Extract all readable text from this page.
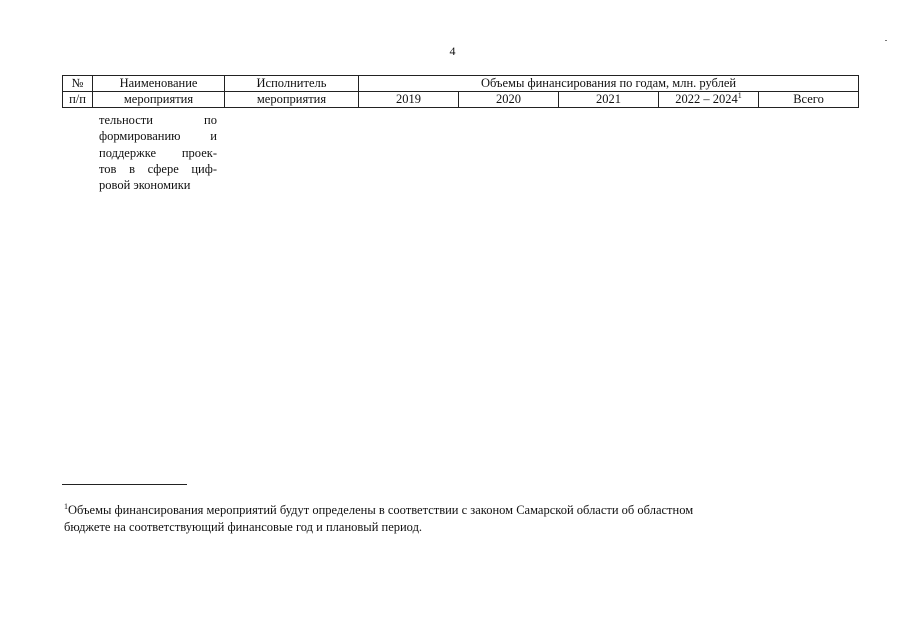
4
№	Наименование	Исполнитель	Объемы финансирования по годам, млн. рублей				
п/п	мероприятия	мероприятия	2019	2020	2021	2022 – 2024$^1$	Всего
тельности по
формированию и
поддержке проек-
тов в сфере циф-
ровой экономики
$^1$Объемы финансирования мероприятий будут определены в соответствии с законом Самарской области об областном
бюджете на соответствующий финансовые год и плановый период.
